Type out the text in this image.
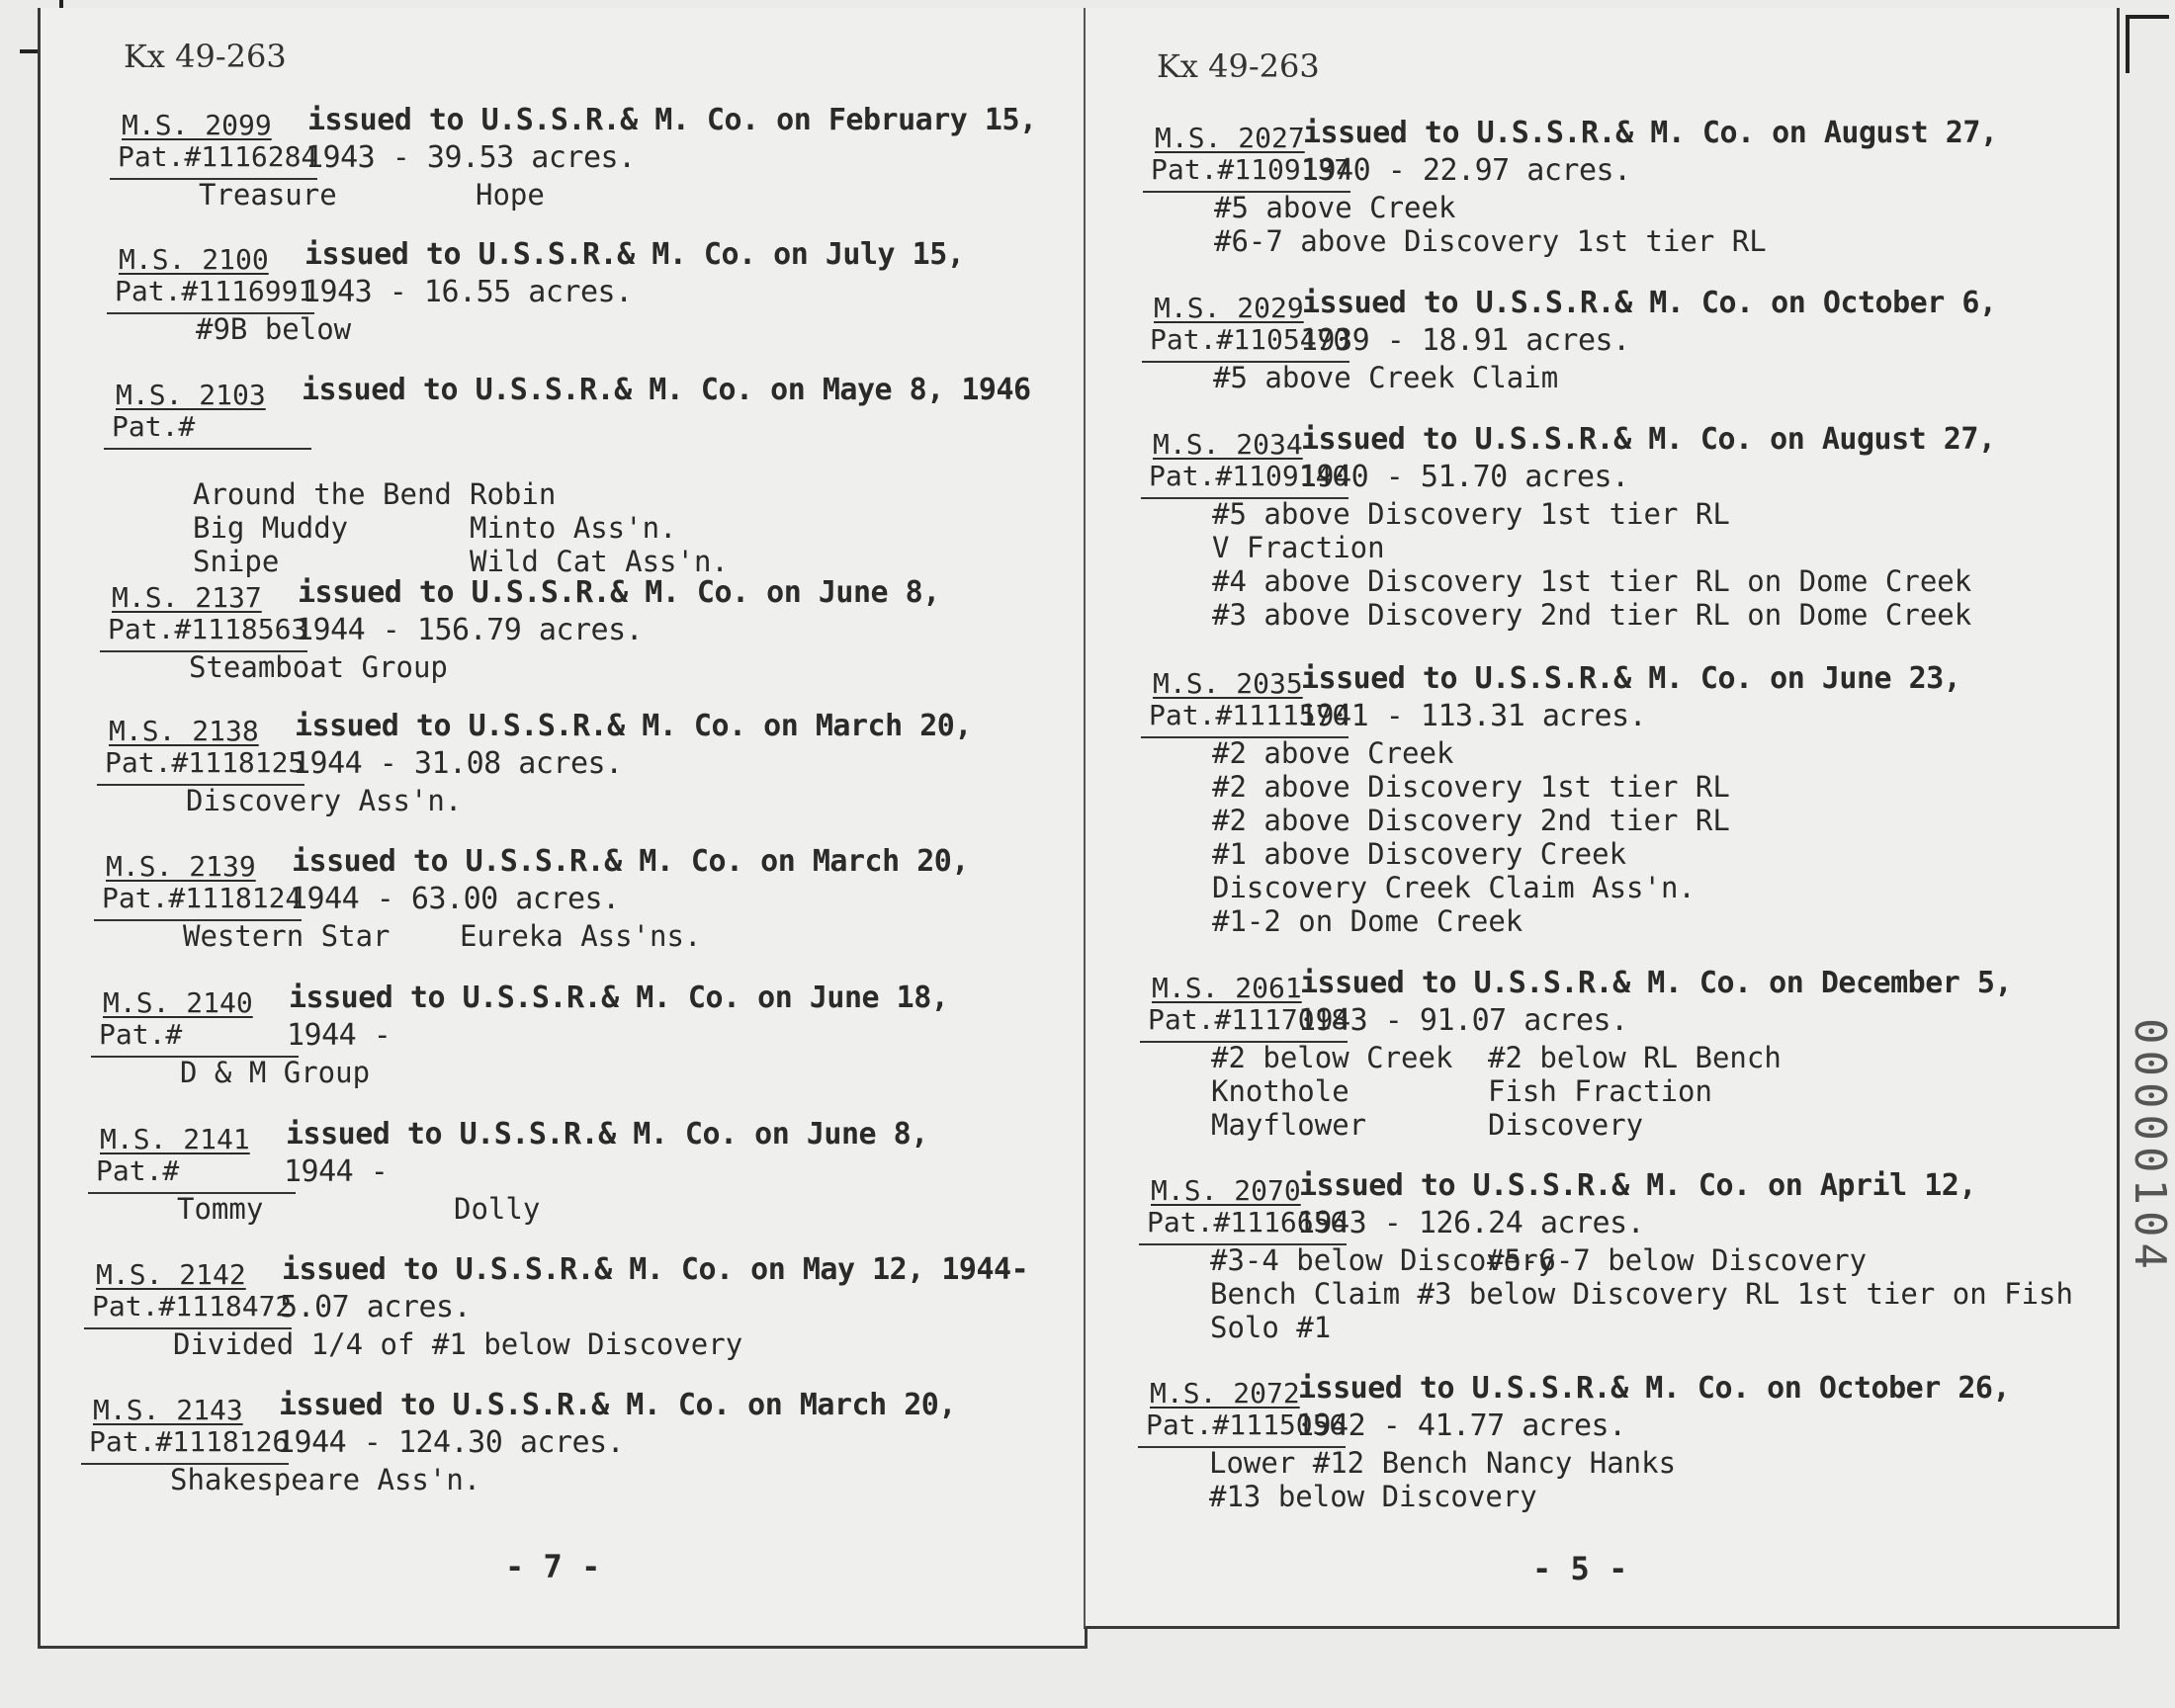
Kx 49-263
M.S. 2099
Pat.#1116284
issued to U.S.S.R.& M. Co. on February 15,
1943 - 39.53 acres.
Treasure	Hope
M.S. 2100
Pat.#1116991
issued to U.S.S.R.& M. Co. on July 15,
1943 - 16.55 acres.
#9B below
M.S. 2103
Pat.#
issued to U.S.S.R.& M. Co. on Maye 8, 1946
Around the Bend
Big Muddy
Snipe
Robin
Minto Ass'n.
Wild Cat Ass'n.
M.S. 2137
Pat.#1118563
issued to U.S.S.R.& M. Co. on June 8,
1944 - 156.79 acres.
Steamboat Group
M.S. 2138
Pat.#1118125
issued to U.S.S.R.& M. Co. on March 20,
1944 - 31.08 acres.
Discovery Ass'n.
M.S. 2139
Pat.#1118124
issued to U.S.S.R.& M. Co. on March 20,
1944 - 63.00 acres.
Western Star Eureka Ass'ns.
M.S. 2140
Pat.#
issued to U.S.S.R.& M. Co. on June 18,
1944 -
D & M Group
M.S. 2141
Pat.#
issued to U.S.S.R.& M. Co. on June 8,
1944 -
Tommy	Dolly
M.S. 2142
Pat.#1118472
issued to U.S.S.R.& M. Co. on May 12, 1944-
5.07 acres.
Divided 1/4 of #1 below Discovery
M.S. 2143
Pat.#1118126
issued to U.S.S.R.& M. Co. on March 20,
1944 - 124.30 acres.
Shakespeare Ass'n.
- 7 -
Kx 49-263
M.S. 2027
Pat.#1109137
issued to U.S.S.R.& M. Co. on August 27,
1940 - 22.97 acres.
#5 above Creek
#6-7 above Discovery 1st tier RL
M.S. 2029
Pat.#1105470
issued to U.S.S.R.& M. Co. on October 6,
1939 - 18.91 acres.
#5 above Creek Claim
M.S. 2034
Pat.#1109140
issued to U.S.S.R.& M. Co. on August 27,
1940 - 51.70 acres.
#5 above Discovery 1st tier RL
V Fraction
#4 above Discovery 1st tier RL on Dome Creek
#3 above Discovery 2nd tier RL on Dome Creek
M.S. 2035
Pat.#1111570
issued to U.S.S.R.& M. Co. on June 23,
1941 - 113.31 acres.
#2 above Creek
#2 above Discovery 1st tier RL
#2 above Discovery 2nd tier RL
#1 above Discovery Creek
Discovery Creek Claim Ass'n.
#1-2 on Dome Creek
M.S. 2061
Pat.#1117018
issued to U.S.S.R.& M. Co. on December 5,
1943 - 91.07 acres.
#2 below Creek
Knothole
Mayflower
#2 below RL Bench
Fish Fraction
Discovery
M.S. 2070
Pat.#1116656
issued to U.S.S.R.& M. Co. on April 12,
1943 - 126.24 acres.
#3-4 below Discovery
Bench Claim #3 below Discovery RL 1st tier on Fish
Solo #1
#5-6-7 below Discovery
M.S. 2072
Pat.#1115056
issued to U.S.S.R.& M. Co. on October 26,
1942 - 41.77 acres.
Lower #12 Bench
#13 below Discovery
Nancy Hanks
- 5 -
00000104
